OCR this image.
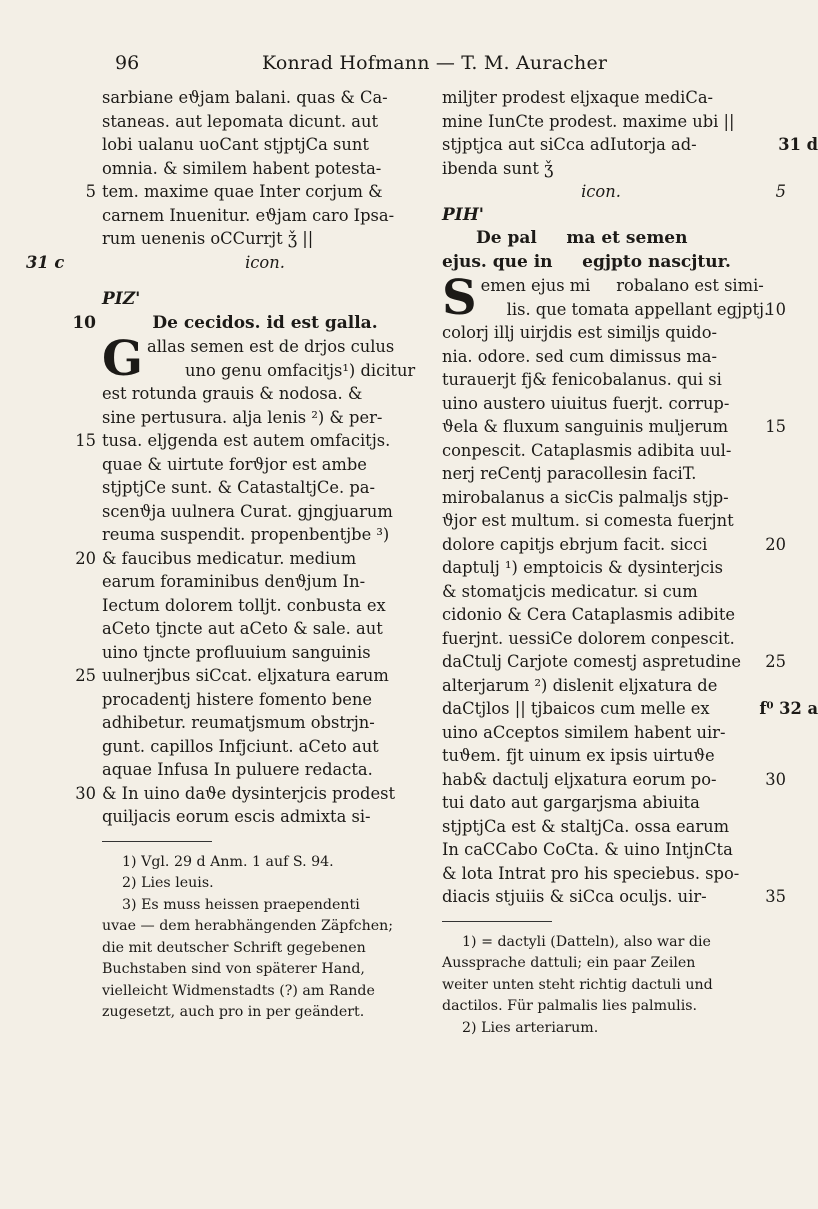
96	Konrad Hofmann — T. M. Auracher
sarbiane eϑjam balani. quas & Ca-
staneas. aut lepomata dicunt. aut
lobi ualanu uoCant stjptjCa sunt
omnia. & similem habent potesta-
5 tem. maxime quae Inter corjum &
carnem Inuenitur. eϑjam caro Ipsa-
rum uenenis oCCurrjt ǯ ||
31 c	icon.
PIZ'
10	De cecidos. id est galla.
Gallas semen est de drjos culus
uno genu omfacitjs¹) dicitur
est rotunda grauis & nodosa. &
sine pertusura. alja lenis ²) & per-
15 tusa. eljgenda est autem omfacitjs.
quae & uirtute forϑjor est ambe
stjptjCe sunt. & CatastaltjCe. pa-
scenϑja uulnera Curat. gjngjuarum
reuma suspendit. propenbentjbe ³)
20 & faucibus medicatur. medium
earum foraminibus denϑjum In-
Iectum dolorem tolljt. conbusta ex
aCeto tjncte aut aCeto & sale. aut
uino tjncte profluuium sanguinis
25 uulnerjbus siCcat. eljxatura earum
procadentj histere fomento bene
adhibetur. reumatjsmum obstrjn-
gunt. capillos Infjciunt. aCeto aut
aquae Infusa In puluere redacta.
30 & In uino daϑe dysinterjcis prodest
quiljacis eorum escis admixta si-
1) Vgl. 29 d Anm. 1 auf S. 94.
2) Lies leuis.
3) Es muss heissen praependenti
uvae — dem herabhängenden Zäpfchen;
die mit deutscher Schrift gegebenen
Buchstaben sind von späterer Hand,
vielleicht Widmenstadts (?) am Rande
zugesetzt, auch pro in per geändert.
miljter prodest eljxaque mediCa-
mine IunCte prodest. maxime ubi ||
31 d
stjptjca aut siCca adIutorja ad-
ibenda sunt ǯ
5
icon.
PIH'
De pal     ma et semen
ejus. que in     egjpto nascjtur.
Semen ejus mi     robalano est simi-
10
lis. que tomata appellant egjptj.
colorj illj uirjdis est similjs quido-
nia. odore. sed cum dimissus ma-
turauerjt fj& fenicobalanus. qui si
uino austero uiuitus fuerjt. corrup-
15
ϑela & fluxum sanguinis muljerum
conpescit. Cataplasmis adibita uul-
nerj reCentj paracollesin faciT.
mirobalanus a sicCis palmaljs stjp-
ϑjor est multum. si comesta fuerjnt
20
dolore capitjs ebrjum facit. sicci
daptulj ¹) emptoicis & dysinterjcis
& stomatjcis medicatur. si cum
cidonio & Cera Cataplasmis adibite
fuerjnt. uessiCe dolorem conpescit.
25
daCtulj Carjote comestj aspretudine
alterjarum ²) dislenit eljxatura de
f⁰ 32 a
daCtjlos || tjbaicos cum melle ex
uino aCceptos similem habent uir-
tuϑem. fjt uinum ex ipsis uirtuϑe
30
hab& dactulj eljxatura eorum po-
tui dato aut gargarjsma abiuita
stjptjCa est & staltjCa. ossa earum
In caCCabo CoCta. & uino IntjnCta
& lota Intrat pro his speciebus. spo-
35
diacis stjuiis & siCca oculjs. uir-
1) = dactyli (Datteln), also war die
Aussprache dattuli; ein paar Zeilen
weiter unten steht richtig dactuli und
dactilos. Für palmalis lies palmulis.
2) Lies arteriarum.
